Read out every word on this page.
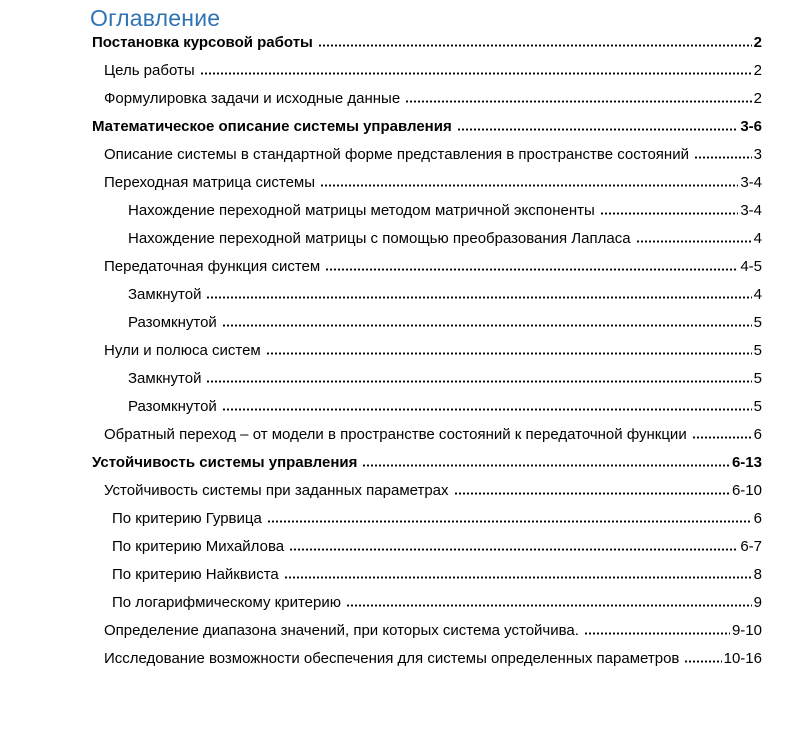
Оглавление
Постановка курсовой работы	2
Цель работы	2
Формулировка задачи и исходные данные	2
Математическое описание системы управления	3-6
Описание системы в стандартной форме представления в пространстве состояний	3
Переходная матрица системы	3-4
Нахождение переходной матрицы методом матричной экспоненты	3-4
Нахождение переходной матрицы с помощью преобразования Лапласа	4
Передаточная функция систем	4-5
Замкнутой	4
Разомкнутой	5
Нули и полюса систем	5
Замкнутой	5
Разомкнутой	5
Обратный переход – от модели в пространстве состояний к передаточной функции	6
Устойчивость системы управления	6-13
Устойчивость системы при заданных параметрах	6-10
По критерию Гурвица	6
По критерию Михайлова	6-7
По критерию Найквиста	8
По логарифмическому критерию	9
Определение диапазона значений, при которых система устойчива.	9-10
Исследование возможности обеспечения для системы определенных параметров	10-16
